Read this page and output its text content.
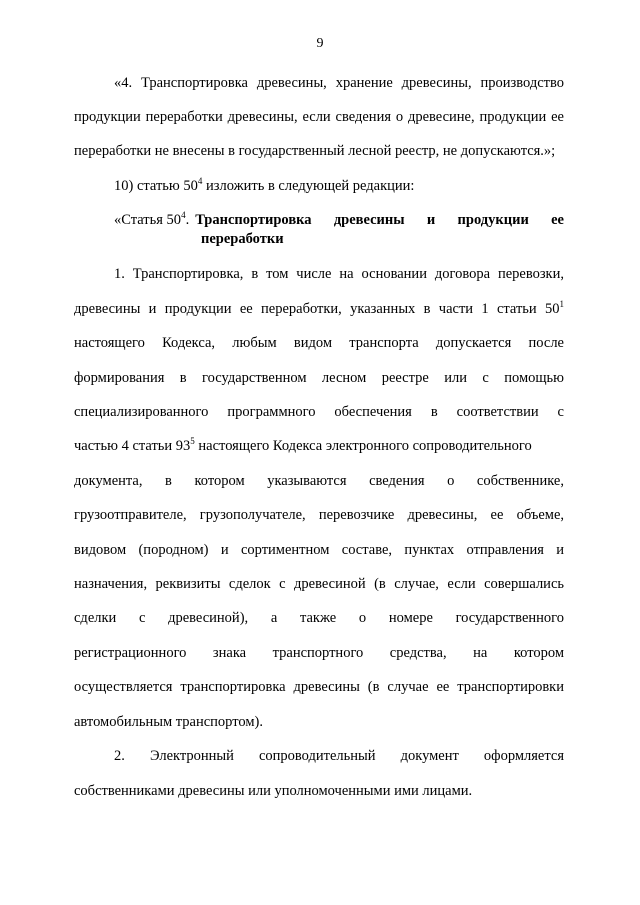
9
«4. Транспортировка древесины, хранение древесины, производство
продукции переработки древесины, если сведения о древесине, продукции ее
переработки не внесены в государственный лесной реестр, не допускаются.»;
10) статью $50^4$ изложить в следующей редакции:
«Статья $50^4$. Транспортировка древесины и продукции ее
переработки
1. Транспортировка, в том числе на основании договора перевозки,
древесины и продукции ее переработки, указанных в части 1 статьи $50^1$
настоящего Кодекса, любым видом транспорта допускается после
формирования в государственном лесном реестре или с помощью
специализированного программного обеспечения в соответствии с
частью 4 статьи $93^5$ настоящего Кодекса электронного сопроводительного
документа, в котором указываются сведения о собственнике,
грузоотправителе, грузополучателе, перевозчике древесины, ее объеме,
видовом (породном) и сортиментном составе, пунктах отправления и
назначения, реквизиты сделок с древесиной (в случае, если совершались
сделки с древесиной), а также о номере государственного
регистрационного знака транспортного средства, на котором
осуществляется транспортировка древесины (в случае ее транспортировки
автомобильным транспортом).
2. Электронный сопроводительный документ оформляется
собственниками древесины или уполномоченными ими лицами.
